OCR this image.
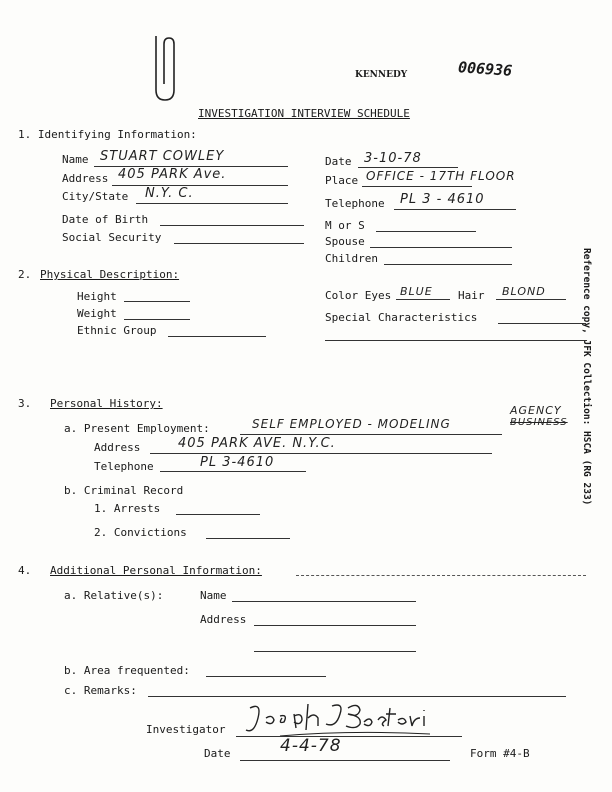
KENNEDY	006936
INVESTIGATION INTERVIEW SCHEDULE
Reference copy, JFK Collection: HSCA (RG 233)
1. Identifying Information:
Name STUART COWLEY
Address 405 PARK Ave.
City/State N.Y. C.
Date of Birth
Social Security
Date 3-10-78
Place OFFICE - 17TH FLOOR
Telephone PL 3 - 4610
M or S
Spouse
Children
2. Physical Description:
Height
Weight
Ethnic Group
Color Eyes BLUE Hair BLOND
Special Characteristics
3. Personal History:
AGENCY
BUSINESS
a. Present Employment:	SELF EMPLOYED - MODELING
Address	405 PARK AVE. N.Y.C.
Telephone	PL 3-4610
b. Criminal Record
1. Arrests
2. Convictions
4. Additional Personal Information:
a. Relative(s):	Name
Address
b. Area frequented:
c. Remarks:
Investigator
Date	4-4-78	Form #4-B
